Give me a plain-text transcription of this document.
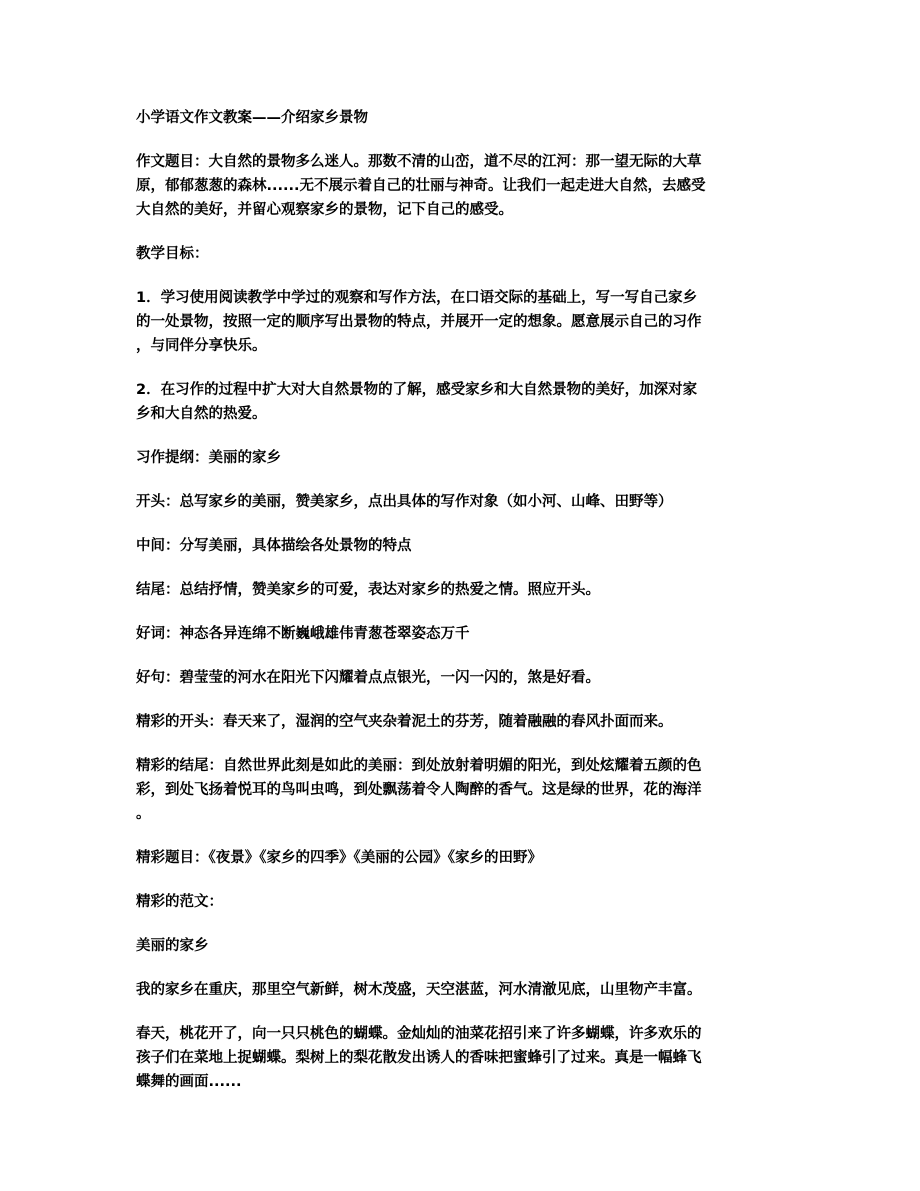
小学语文作文教案——介绍家乡景物

作文题目：大自然的景物多么迷人。那数不清的山峦，道不尽的江河：那一望无际的大草
原，郁郁葱葱的森林......无不展示着自己的壮丽与神奇。让我们一起走进大自然，去感受
大自然的美好，并留心观察家乡的景物，记下自己的感受。

教学目标：

1．学习使用阅读教学中学过的观察和写作方法，在口语交际的基础上，写一写自己家乡
的一处景物，按照一定的顺序写出景物的特点，并展开一定的想象。愿意展示自己的习作
，与同伴分享快乐。

2．在习作的过程中扩大对大自然景物的了解，感受家乡和大自然景物的美好，加深对家
乡和大自然的热爱。

习作提纲：美丽的家乡

开头：总写家乡的美丽，赞美家乡，点出具体的写作对象（如小河、山峰、田野等）

中间：分写美丽，具体描绘各处景物的特点

结尾：总结抒情，赞美家乡的可爱，表达对家乡的热爱之情。照应开头。

好词：神态各异连绵不断巍峨雄伟青葱苍翠姿态万千

好句：碧莹莹的河水在阳光下闪耀着点点银光，一闪一闪的，煞是好看。

精彩的开头：春天来了，湿润的空气夹杂着泥土的芬芳，随着融融的春风扑面而来。

精彩的结尾：自然世界此刻是如此的美丽：到处放射着明媚的阳光，到处炫耀着五颜的色
彩，到处飞扬着悦耳的鸟叫虫鸣，到处飘荡着令人陶醉的香气。这是绿的世界，花的海洋
。

精彩题目：《夜景》《家乡的四季》《美丽的公园》《家乡的田野》

精彩的范文：

美丽的家乡

我的家乡在重庆，那里空气新鲜，树木茂盛，天空湛蓝，河水清澈见底，山里物产丰富。

春天，桃花开了，向一只只桃色的蝴蝶。金灿灿的油菜花招引来了许多蝴蝶，许多欢乐的
孩子们在菜地上捉蝴蝶。梨树上的梨花散发出诱人的香味把蜜蜂引了过来。真是一幅蜂飞
蝶舞的画面......
